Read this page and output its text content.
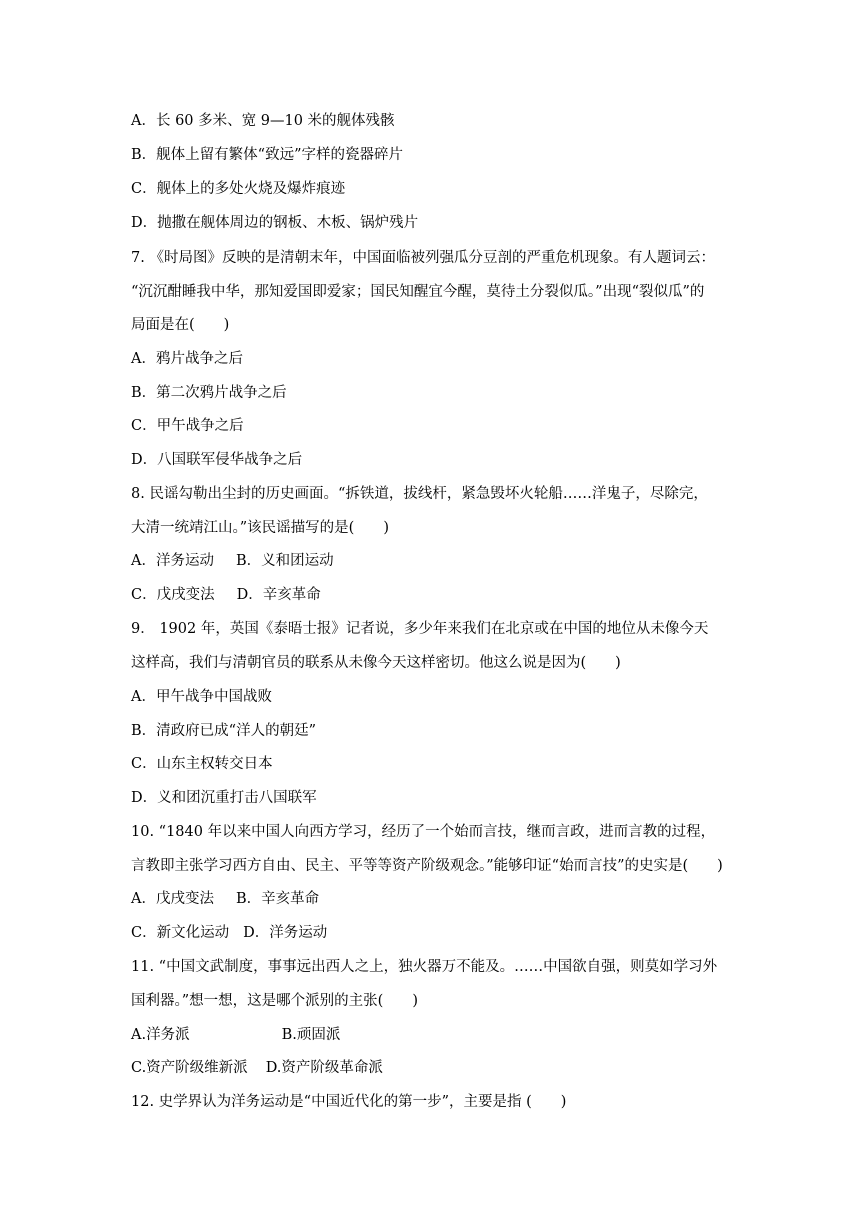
A．长 60 多米、宽 9—10 米的舰体残骸
B．舰体上留有繁体“致远”字样的瓷器碎片
C．舰体上的多处火烧及爆炸痕迹
D．抛撒在舰体周边的钢板、木板、锅炉残片
7. 《时局图》反映的是清朝末年，中国面临被列强瓜分豆剖的严重危机现象。有人题词云：
“沉沉酣睡我中华，那知爱国即爱家；国民知醒宜今醒，莫待土分裂似瓜。”出现“裂似瓜”的
局面是在(　　)
A．鸦片战争之后
B．第二次鸦片战争之后
C．甲午战争之后
D．八国联军侵华战争之后
8. 民谣勾勒出尘封的历史画面。“拆铁道，拔线杆，紧急毁坏火轮船……洋鬼子，尽除完，
大清一统靖江山。”该民谣描写的是(　　)
A．洋务运动 B．义和团运动
C．戊戌变法 D．辛亥革命
9． 1902 年，英国《泰晤士报》记者说，多少年来我们在北京或在中国的地位从未像今天
这样高，我们与清朝官员的联系从未像今天这样密切。他这么说是因为(　　)
A．甲午战争中国战败
B．清政府已成“洋人的朝廷”
C．山东主权转交日本
D．义和团沉重打击八国联军
10. “1840 年以来中国人向西方学习，经历了一个始而言技，继而言政，进而言教的过程，
言教即主张学习西方自由、民主、平等等资产阶级观念。”能够印证“始而言技”的史实是(　　)
A．戊戌变法 B．辛亥革命
C．新文化运动 D．洋务运动
11. “中国文武制度，事事远出西人之上，独火器万不能及。……中国欲自强，则莫如学习外
国利器。”想一想，这是哪个派别的主张(　　)
A.洋务派	B.顽固派
C.资产阶级维新派 D.资产阶级革命派
12. 史学界认为洋务运动是“中国近代化的第一步”，主要是指 (　　)
